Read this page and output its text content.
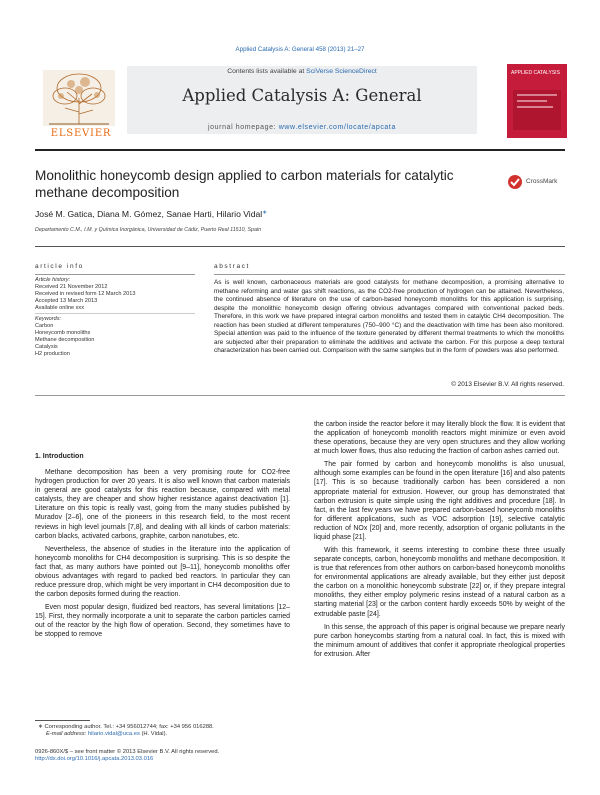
Applied Catalysis A: General 458 (2013) 21–27
ELSEVIER
Contents lists available at SciVerse ScienceDirect
Applied Catalysis A: General
journal homepage: www.elsevier.com/locate/apcata
APPLIED CATALYSIS
Monolithic honeycomb design applied to carbon materials for catalytic methane decomposition
CrossMark
José M. Gatica, Diana M. Gómez, Sanae Harti, Hilario Vidal∗
Departamento C.M., I.M. y Química Inorgánica, Universidad de Cádiz, Puerto Real 11510, Spain
article info
Article history:
Received 21 November 2012
Received in revised form 12 March 2013
Accepted 13 March 2013
Available online xxx
Keywords:
Carbon
Honeycomb monoliths
Methane decomposition
Catalysis
H2 production
abstract
As is well known, carbonaceous materials are good catalysts for methane decomposition, a promising alternative to methane reforming and water gas shift reactions, as the CO2-free production of hydrogen can be attained. Nevertheless, the continued absence of literature on the use of carbon-based honeycomb monoliths for this application is surprising, despite the monolithic honeycomb design offering obvious advantages compared with conventional packed beds. Therefore, in this work we have prepared integral carbon monoliths and tested them in catalytic CH4 decomposition. The reaction has been studied at different temperatures (750–900 °C) and the deactivation with time has been also monitored. Special attention was paid to the influence of the texture generated by different thermal treatments to which the monoliths are subjected after their preparation to eliminate the additives and activate the carbon. For this purpose a deep textural characterization has been carried out. Comparison with the same samples but in the form of powders was also performed.
© 2013 Elsevier B.V. All rights reserved.
1. Introduction

Methane decomposition has been a very promising route for CO2-free hydrogen production for over 20 years. It is also well known that carbon materials in general are good catalysts for this reaction because, compared with metal catalysts, they are cheaper and show higher resistance against deactivation [1]. Literature on this topic is really vast, going from the many studies published by Muradov [2–6], one of the pioneers in this research field, to the most recent reviews in high level journals [7,8], and dealing with all kinds of carbon materials: carbon blacks, activated carbons, graphite, carbon nanotubes, etc.

Nevertheless, the absence of studies in the literature into the application of honeycomb monoliths for CH4 decomposition is surprising. This is so despite the fact that, as many authors have pointed out [9–11], honeycomb monoliths offer obvious advantages with regard to packed bed reactors. In particular they can reduce pressure drop, which might be very important in CH4 decomposition due to the carbon deposits formed during the reaction.

Even most popular design, fluidized bed reactors, has several limitations [12–15]. First, they normally incorporate a unit to separate the carbon particles carried out of the reactor by the high flow of operation. Second, they sometimes have to be stopped to remove

the carbon inside the reactor before it may literally block the flow. It is evident that the application of honeycomb monolith reactors might minimize or even avoid these operations, because they are very open structures and they allow working at much lower flows, thus also reducing the fraction of carbon ashes carried out.

The pair formed by carbon and honeycomb monoliths is also unusual, although some examples can be found in the open literature [16] and also patents [17]. This is so because traditionally carbon has been considered a non appropriate material for extrusion. However, our group has demonstrated that carbon extrusion is quite simple using the right additives and procedure [18]. In fact, in the last few years we have prepared carbon-based honeycomb monoliths for different applications, such as VOC adsorption [19], selective catalytic reduction of NOx [20] and, more recently, adsorption of organic pollutants in the liquid phase [21].

With this framework, it seems interesting to combine these three usually separate concepts, carbon, honeycomb monoliths and methane decomposition. It is true that references from other authors on carbon-based honeycomb monoliths for environmental applications are already available, but they either just deposit the carbon on a monolithic honeycomb substrate [22] or, if they prepare integral monoliths, they either employ polymeric resins instead of a natural carbon as a starting material [23] or the carbon content hardly exceeds 50% by weight of the extrudable paste [24].

In this sense, the approach of this paper is original because we prepare nearly pure carbon honeycombs starting from a natural coal. In fact, this is mixed with the minimum amount of additives that confer it appropriate rheological properties for extrusion. After

∗ Corresponding author. Tel.: +34 956012744; fax: +34 956 016288.
E-mail address: hilario.vidal@uca.es (H. Vidal).
0926-860X/$ – see front matter © 2013 Elsevier B.V. All rights reserved.
http://dx.doi.org/10.1016/j.apcata.2013.03.016
